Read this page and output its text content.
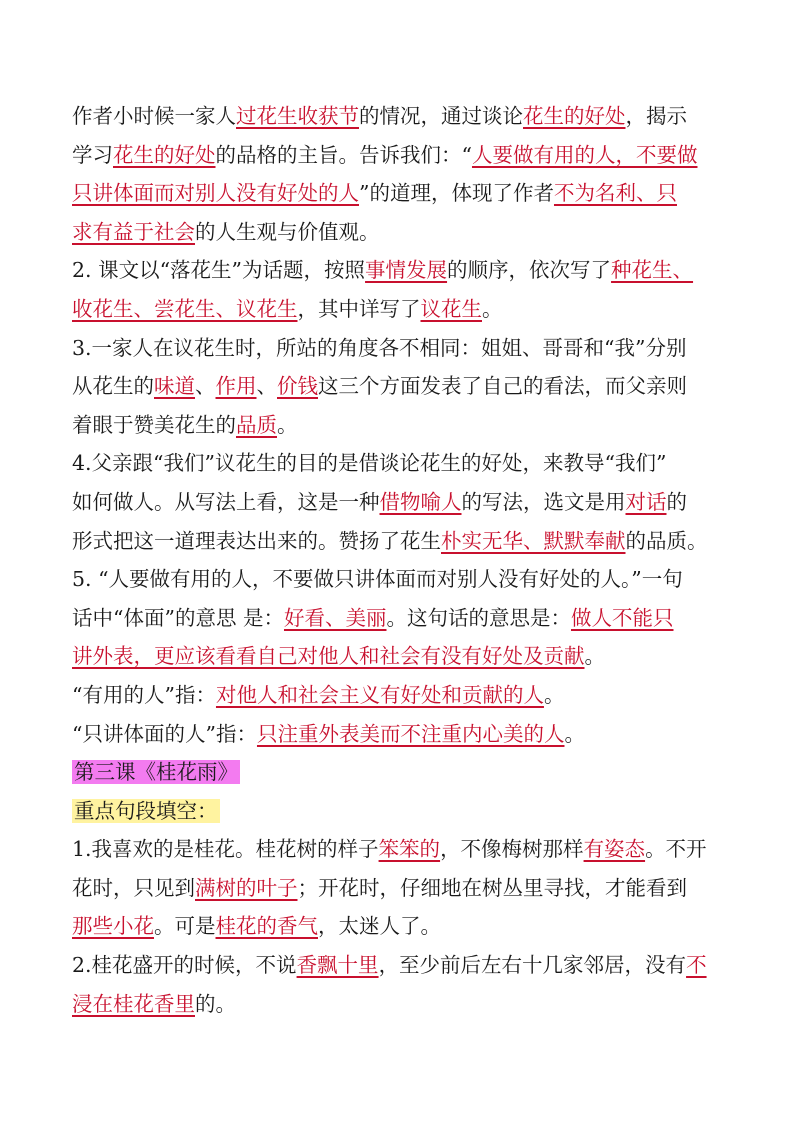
作者小时候一家人过花生收获节的情况，通过谈论花生的好处，揭示
学习花生的好处的品格的主旨。告诉我们：“人要做有用的人，不要做
只讲体面而对别人没有好处的人”的道理，体现了作者不为名利、只
求有益于社会的人生观与价值观。
2. 课文以“落花生”为话题，按照事情发展的顺序，依次写了种花生、
收花生、尝花生、议花生，其中详写了议花生。
3.一家人在议花生时，所站的角度各不相同：姐姐、哥哥和“我”分别
从花生的味道、作用、价钱这三个方面发表了自己的看法，而父亲则
着眼于赞美花生的品质。
4.父亲跟“我们”议花生的目的是借谈论花生的好处，来教导“我们”
如何做人。从写法上看，这是一种借物喻人的写法，选文是用对话的
形式把这一道理表达出来的。赞扬了花生朴实无华、默默奉献的品质。
5. “人要做有用的人，不要做只讲体面而对别人没有好处的人。”一句
话中“体面”的意思 是：好看、美丽。这句话的意思是：做人不能只
讲外表，更应该看看自己对他人和社会有没有好处及贡献。
“有用的人”指：对他人和社会主义有好处和贡献的人。
“只讲体面的人”指：只注重外表美而不注重内心美的人。
第三课《桂花雨》
重点句段填空：
1.我喜欢的是桂花。桂花树的样子笨笨的，不像梅树那样有姿态。不开
花时，只见到满树的叶子；开花时，仔细地在树丛里寻找，才能看到
那些小花。可是桂花的香气，太迷人了。
2.桂花盛开的时候，不说香飘十里，至少前后左右十几家邻居，没有不
浸在桂花香里的。
